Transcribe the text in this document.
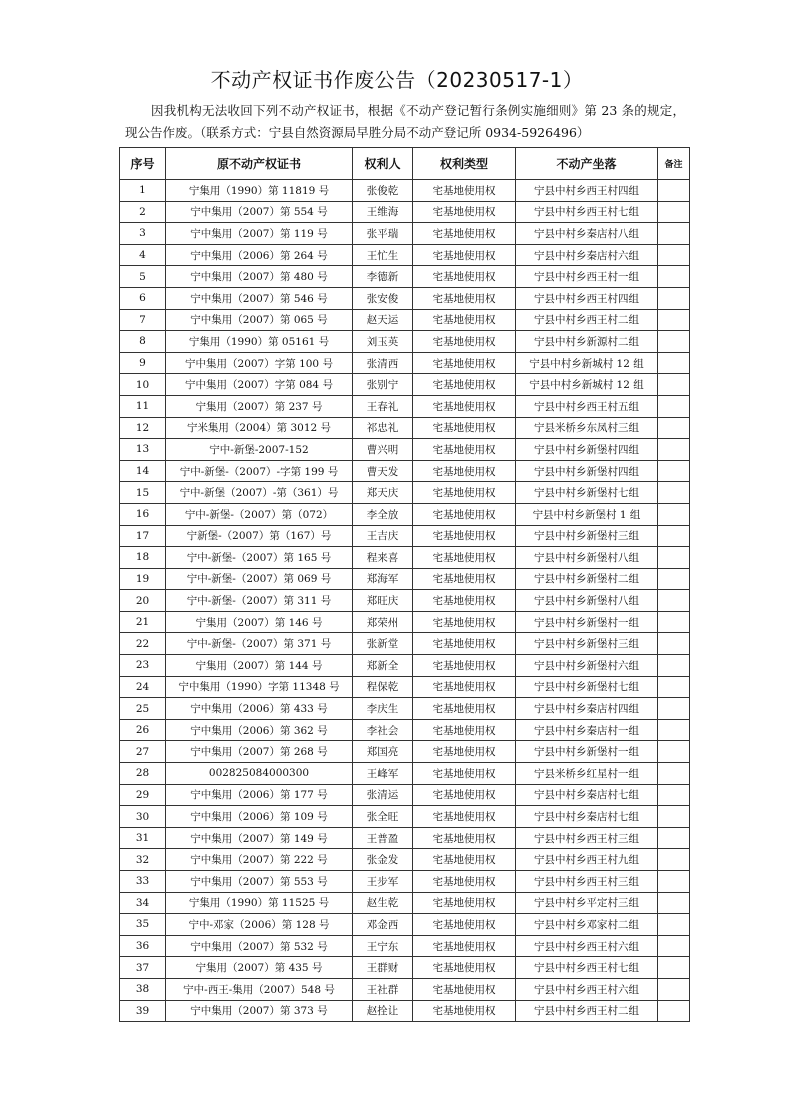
不动产权证书作废公告（20230517-1）
因我机构无法收回下列不动产权证书，根据《不动产登记暂行条例实施细则》第 23 条的规定，现公告作废。（联系方式：宁县自然资源局早胜分局不动产登记所 0934-5926496）
序号	原不动产权证书	权利人	权利类型	不动产坐落	备注
1	宁集用（1990）第 11819 号	张俊乾	宅基地使用权	宁县中村乡西王村四组	
2	宁中集用（2007）第 554 号	王维海	宅基地使用权	宁县中村乡西王村七组	
3	宁中集用（2007）第 119 号	张平瑞	宅基地使用权	宁县中村乡秦店村八组	
4	宁中集用（2006）第 264 号	王忙生	宅基地使用权	宁县中村乡秦店村六组	
5	宁中集用（2007）第 480 号	李德新	宅基地使用权	宁县中村乡西王村一组	
6	宁中集用（2007）第 546 号	张安俊	宅基地使用权	宁县中村乡西王村四组	
7	宁中集用（2007）第 065 号	赵天运	宅基地使用权	宁县中村乡西王村二组	
8	宁集用（1990）第 05161 号	刘玉英	宅基地使用权	宁县中村乡新源村二组	
9	宁中集用（2007）字第 100 号	张清西	宅基地使用权	宁县中村乡新城村 12 组	
10	宁中集用（2007）字第 084 号	张别宁	宅基地使用权	宁县中村乡新城村 12 组	
11	宁集用（2007）第 237 号	王春礼	宅基地使用权	宁县中村乡西王村五组	
12	宁米集用（2004）第 3012 号	祁忠礼	宅基地使用权	宁县米桥乡东凤村三组	
13	宁中-新堡-2007-152	曹兴明	宅基地使用权	宁县中村乡新堡村四组	
14	宁中-新堡-（2007）-字第 199 号	曹天发	宅基地使用权	宁县中村乡新堡村四组	
15	宁中-新堡（2007）-第（361）号	郑天庆	宅基地使用权	宁县中村乡新堡村七组	
16	宁中-新堡-（2007）第（072）	李全放	宅基地使用权	宁县中村乡新堡村 1 组	
17	宁新堡-（2007）第（167）号	王吉庆	宅基地使用权	宁县中村乡新堡村三组	
18	宁中-新堡-（2007）第 165 号	程来喜	宅基地使用权	宁县中村乡新堡村八组	
19	宁中-新堡-（2007）第 069 号	郑海军	宅基地使用权	宁县中村乡新堡村二组	
20	宁中-新堡-（2007）第 311 号	郑旺庆	宅基地使用权	宁县中村乡新堡村八组	
21	宁集用（2007）第 146 号	郑荣州	宅基地使用权	宁县中村乡新堡村一组	
22	宁中-新堡-（2007）第 371 号	张新堂	宅基地使用权	宁县中村乡新堡村三组	
23	宁集用（2007）第 144 号	郑新全	宅基地使用权	宁县中村乡新堡村六组	
24	宁中集用（1990）字第 11348 号	程保乾	宅基地使用权	宁县中村乡新堡村七组	
25	宁中集用（2006）第 433 号	李庆生	宅基地使用权	宁县中村乡秦店村四组	
26	宁中集用（2006）第 362 号	李社会	宅基地使用权	宁县中村乡秦店村一组	
27	宁中集用（2007）第 268 号	郑国亮	宅基地使用权	宁县中村乡新堡村一组	
28	002825084000300	王峰军	宅基地使用权	宁县米桥乡红星村一组	
29	宁中集用（2006）第 177 号	张清运	宅基地使用权	宁县中村乡秦店村七组	
30	宁中集用（2006）第 109 号	张全旺	宅基地使用权	宁县中村乡秦店村七组	
31	宁中集用（2007）第 149 号	王普盈	宅基地使用权	宁县中村乡西王村三组	
32	宁中集用（2007）第 222 号	张金发	宅基地使用权	宁县中村乡西王村九组	
33	宁中集用（2007）第 553 号	王步军	宅基地使用权	宁县中村乡西王村三组	
34	宁集用（1990）第 11525 号	赵生乾	宅基地使用权	宁县中村乡平定村三组	
35	宁中-邓家（2006）第 128 号	邓金西	宅基地使用权	宁县中村乡邓家村二组	
36	宁中集用（2007）第 532 号	王宁东	宅基地使用权	宁县中村乡西王村六组	
37	宁集用（2007）第 435 号	王群财	宅基地使用权	宁县中村乡西王村七组	
38	宁中-西王-集用（2007）548 号	王社群	宅基地使用权	宁县中村乡西王村六组	
39	宁中集用（2007）第 373 号	赵拴让	宅基地使用权	宁县中村乡西王村二组	
